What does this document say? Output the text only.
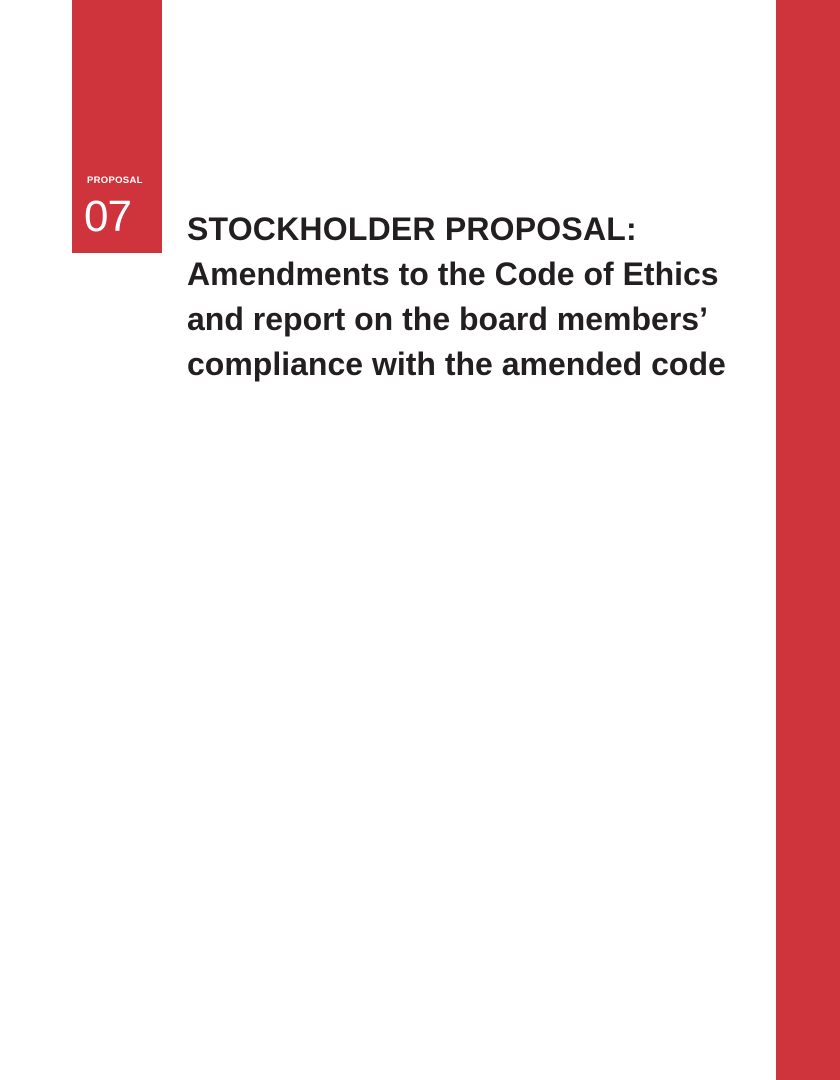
PROPOSAL
07 STOCKHOLDER PROPOSAL:
Amendments to the Code of Ethics and report on the board members’ compliance with the amended code
